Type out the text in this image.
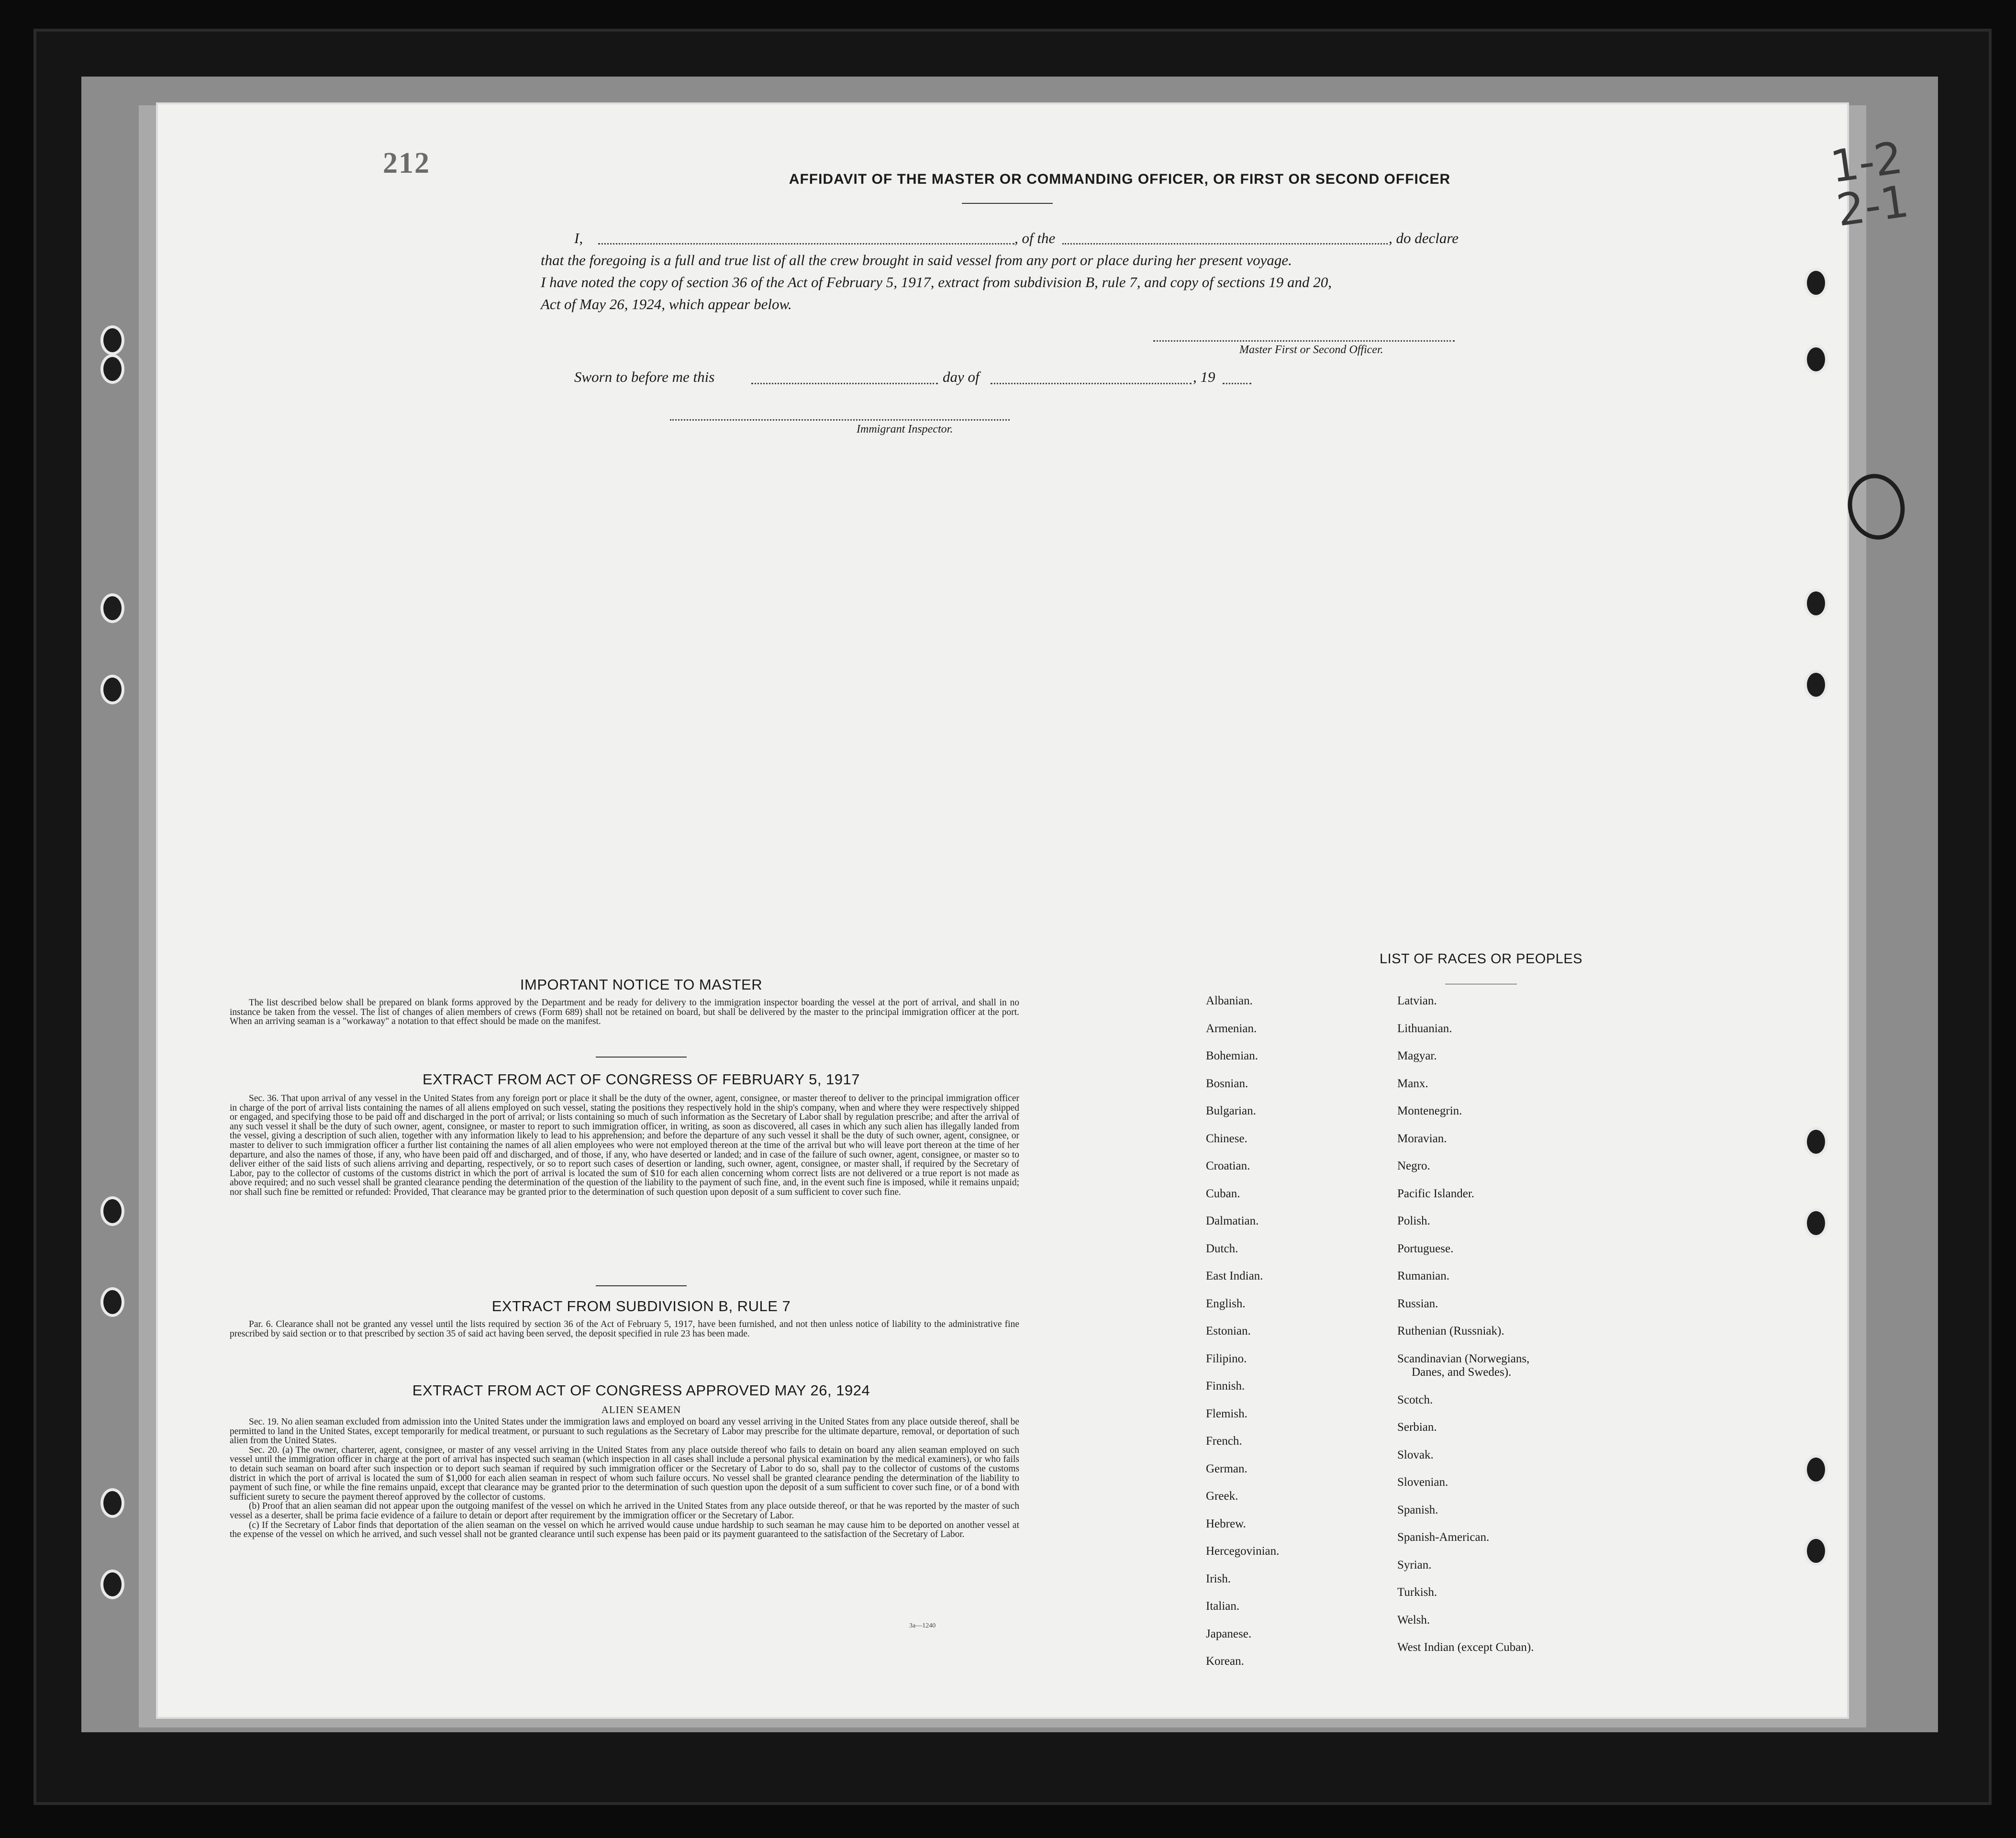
212	AFFIDAVIT OF THE MASTER OR COMMANDING OFFICER, OR FIRST OR SECOND OFFICER
I,	, of the	, do declare
that the foregoing is a full and true list of all the crew brought in said vessel from any port or place during her present voyage.
I have noted the copy of section 36 of the Act of February 5, 1917, extract from subdivision B, rule 7, and copy of sections 19 and 20,
Act of May 26, 1924, which appear below.
Master First or Second Officer.
Sworn to before me this	day of	, 19
Immigrant Inspector.
IMPORTANT NOTICE TO MASTER

The list described below shall be prepared on blank forms approved by the Department and be ready for delivery to the immigration inspector boarding the vessel at the port of arrival, and shall in no instance be taken from the vessel. The list of changes of alien members of crews (Form 689) shall not be retained on board, but shall be delivered by the master to the principal immigration officer at the port. When an arriving seaman is a "workaway" a notation to that effect should be made on the manifest.

EXTRACT FROM ACT OF CONGRESS OF FEBRUARY 5, 1917

Sec. 36. That upon arrival of any vessel in the United States from any foreign port or place it shall be the duty of the owner, agent, consignee, or master thereof to deliver to the principal immigration officer in charge of the port of arrival lists containing the names of all aliens employed on such vessel, stating the positions they respectively hold in the ship's company, when and where they were respectively shipped or engaged, and specifying those to be paid off and discharged in the port of arrival; or lists containing so much of such information as the Secretary of Labor shall by regulation prescribe; and after the arrival of any such vessel it shall be the duty of such owner, agent, consignee, or master to report to such immigration officer, in writing, as soon as discovered, all cases in which any such alien has illegally landed from the vessel, giving a description of such alien, together with any information likely to lead to his apprehension; and before the departure of any such vessel it shall be the duty of such owner, agent, consignee, or master to deliver to such immigration officer a further list containing the names of all alien employees who were not employed thereon at the time of the arrival but who will leave port thereon at the time of her departure, and also the names of those, if any, who have been paid off and discharged, and of those, if any, who have deserted or landed; and in case of the failure of such owner, agent, consignee, or master so to deliver either of the said lists of such aliens arriving and departing, respectively, or so to report such cases of desertion or landing, such owner, agent, consignee, or master shall, if required by the Secretary of Labor, pay to the collector of customs of the customs district in which the port of arrival is located the sum of $10 for each alien concerning whom correct lists are not delivered or a true report is not made as above required; and no such vessel shall be granted clearance pending the determination of the question of the liability to the payment of such fine, and, in the event such fine is imposed, while it remains unpaid; nor shall such fine be remitted or refunded: Provided, That clearance may be granted prior to the determination of such question upon deposit of a sum sufficient to cover such fine.

EXTRACT FROM SUBDIVISION B, RULE 7

Par. 6. Clearance shall not be granted any vessel until the lists required by section 36 of the Act of February 5, 1917, have been furnished, and not then unless notice of liability to the administrative fine prescribed by said section or to that prescribed by section 35 of said act having been served, the deposit specified in rule 23 has been made.

EXTRACT FROM ACT OF CONGRESS APPROVED MAY 26, 1924
ALIEN SEAMEN

Sec. 19. No alien seaman excluded from admission into the United States under the immigration laws and employed on board any vessel arriving in the United States from any place outside thereof, shall be permitted to land in the United States, except temporarily for medical treatment, or pursuant to such regulations as the Secretary of Labor may prescribe for the ultimate departure, removal, or deportation of such alien from the United States.

Sec. 20. (a) The owner, charterer, agent, consignee, or master of any vessel arriving in the United States from any place outside thereof who fails to detain on board any alien seaman employed on such vessel until the immigration officer in charge at the port of arrival has inspected such seaman (which inspection in all cases shall include a personal physical examination by the medical examiners), or who fails to detain such seaman on board after such inspection or to deport such seaman if required by such immigration officer or the Secretary of Labor to do so, shall pay to the collector of customs of the customs district in which the port of arrival is located the sum of $1,000 for each alien seaman in respect of whom such failure occurs. No vessel shall be granted clearance pending the determination of the liability to payment of such fine, or while the fine remains unpaid, except that clearance may be granted prior to the determination of such question upon the deposit of a sum sufficient to cover such fine, or of a bond with sufficient surety to secure the payment thereof approved by the collector of customs.

(b) Proof that an alien seaman did not appear upon the outgoing manifest of the vessel on which he arrived in the United States from any place outside thereof, or that he was reported by the master of such vessel as a deserter, shall be prima facie evidence of a failure to detain or deport after requirement by the immigration officer or the Secretary of Labor.

(c) If the Secretary of Labor finds that deportation of the alien seaman on the vessel on which he arrived would cause undue hardship to such seaman he may cause him to be deported on another vessel at the expense of the vessel on which he arrived, and such vessel shall not be granted clearance until such expense has been paid or its payment guaranteed to the satisfaction of the Secretary of Labor.

3a—1240
LIST OF RACES OR PEOPLES
Albanian.
Armenian.
Bohemian.
Bosnian.
Bulgarian.
Chinese.
Croatian.
Cuban.
Dalmatian.
Dutch.
East Indian.
English.
Estonian.
Filipino.
Finnish.
Flemish.
French.
German.
Greek.
Hebrew.
Hercegovinian.
Irish.
Italian.
Japanese.
Korean.
Latvian.
Lithuanian.
Magyar.
Manx.
Montenegrin.
Moravian.
Negro.
Pacific Islander.
Polish.
Portuguese.
Rumanian.
Russian.
Ruthenian (Russniak).
Scandinavian (Norwegians,
Danes, and Swedes).
Scotch.
Serbian.
Slovak.
Slovenian.
Spanish.
Spanish-American.
Syrian.
Turkish.
Welsh.
West Indian (except Cuban).
1-2
2-1
